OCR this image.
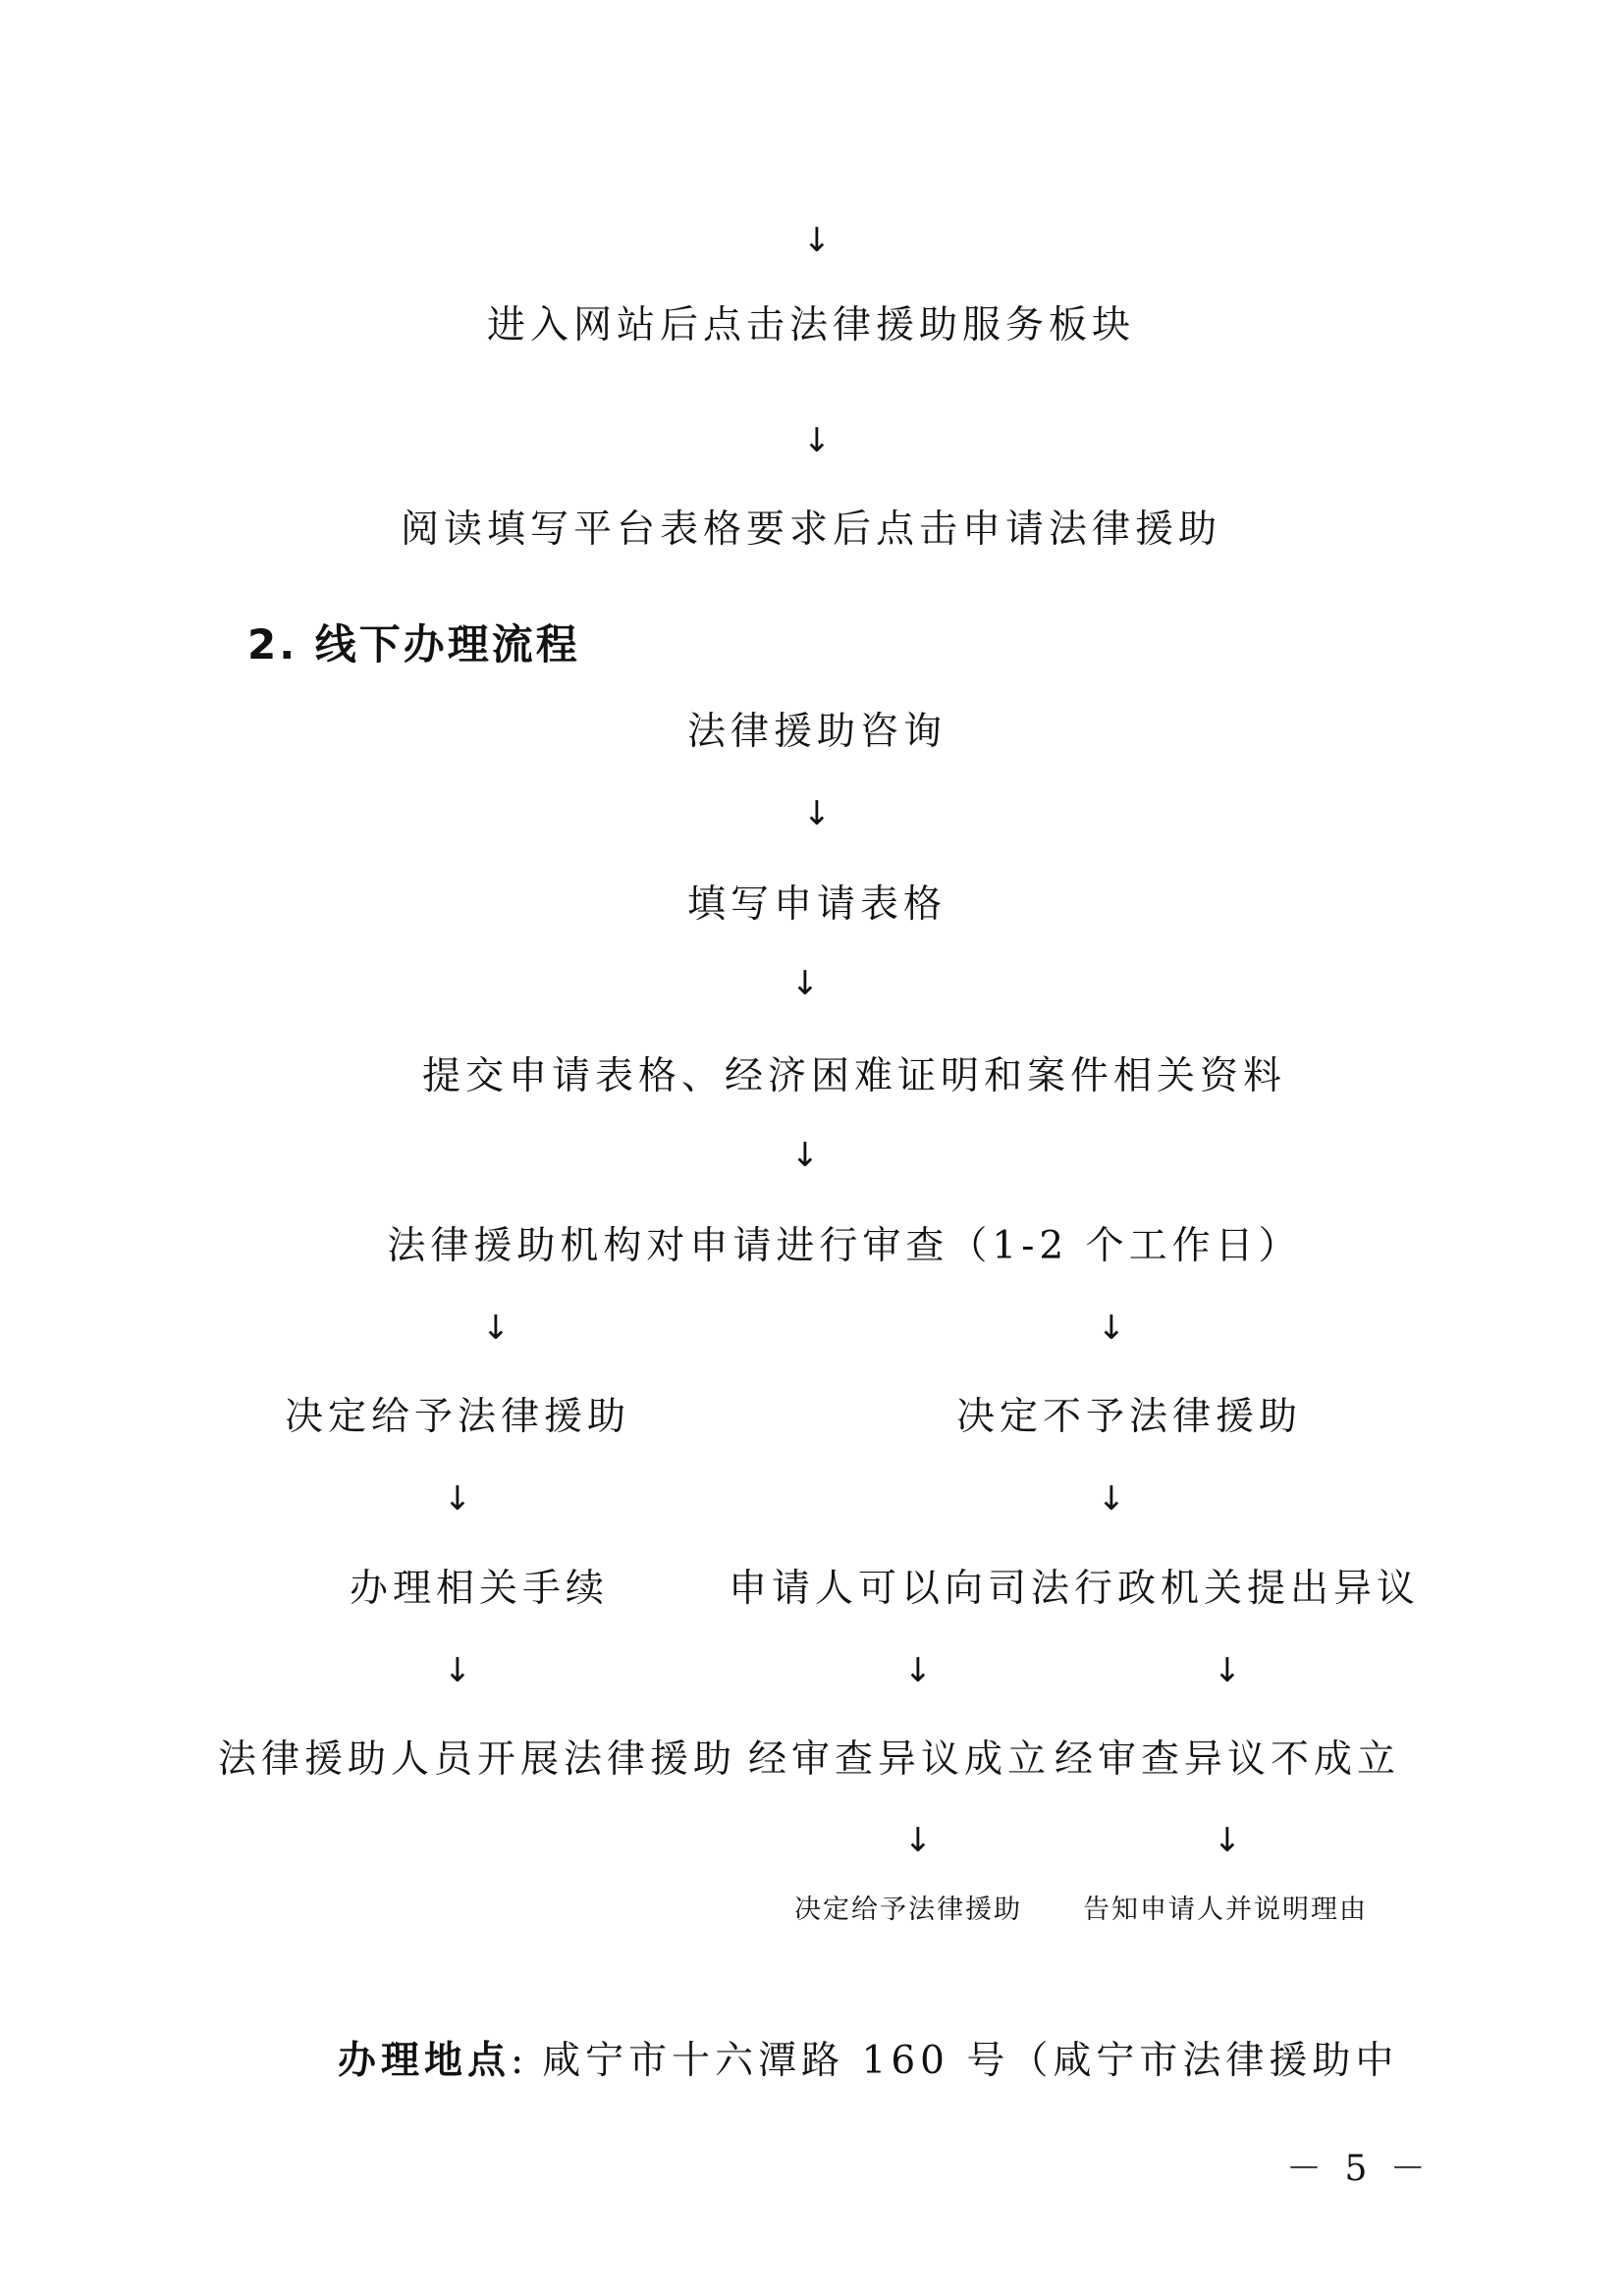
↓
进入网站后点击法律援助服务板块
↓
阅读填写平台表格要求后点击申请法律援助
2. 线下办理流程
法律援助咨询
↓
填写申请表格
↓
提交申请表格、经济困难证明和案件相关资料
↓
法律援助机构对申请进行审查（1-2 个工作日）
↓	↓
决定给予法律援助
↓
办理相关手续
↓
法律援助人员开展法律援助
决定不予法律援助
↓
申请人可以向司法行政机关提出异议
↓	↓
经审查异议成立 经审查异议不成立
↓	↓
决定给予法律援助 告知申请人并说明理由
办理地点: 咸宁市十六潭路 160 号（咸宁市法律援助中
－ 5 －
